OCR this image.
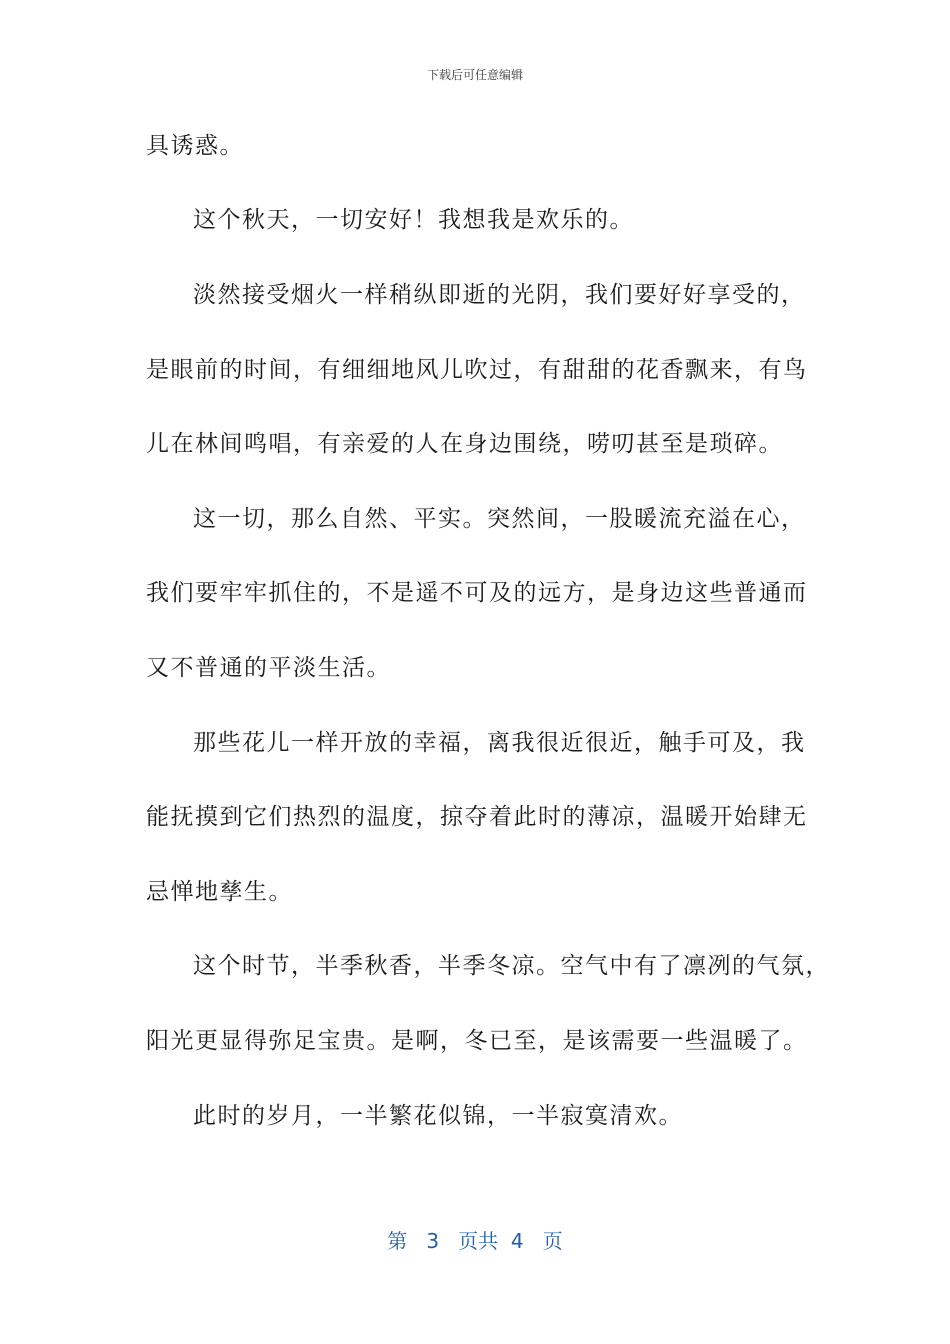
下载后可任意编辑
具诱惑。
这个秋天，一切安好！我想我是欢乐的。
淡然接受烟火一样稍纵即逝的光阴，我们要好好享受的，
是眼前的时间，有细细地风儿吹过，有甜甜的花香飘来，有鸟
儿在林间鸣唱，有亲爱的人在身边围绕，唠叨甚至是琐碎。
这一切，那么自然、平实。突然间，一股暖流充溢在心，
我们要牢牢抓住的，不是遥不可及的远方，是身边这些普通而
又不普通的平淡生活。
那些花儿一样开放的幸福，离我很近很近，触手可及，我
能抚摸到它们热烈的温度，掠夺着此时的薄凉，温暖开始肆无
忌惮地孳生。
这个时节，半季秋香，半季冬凉。空气中有了凛冽的气氛，
阳光更显得弥足宝贵。是啊，冬已至，是该需要一些温暖了。
此时的岁月，一半繁花似锦，一半寂寞清欢。
第 3 页共 4 页
